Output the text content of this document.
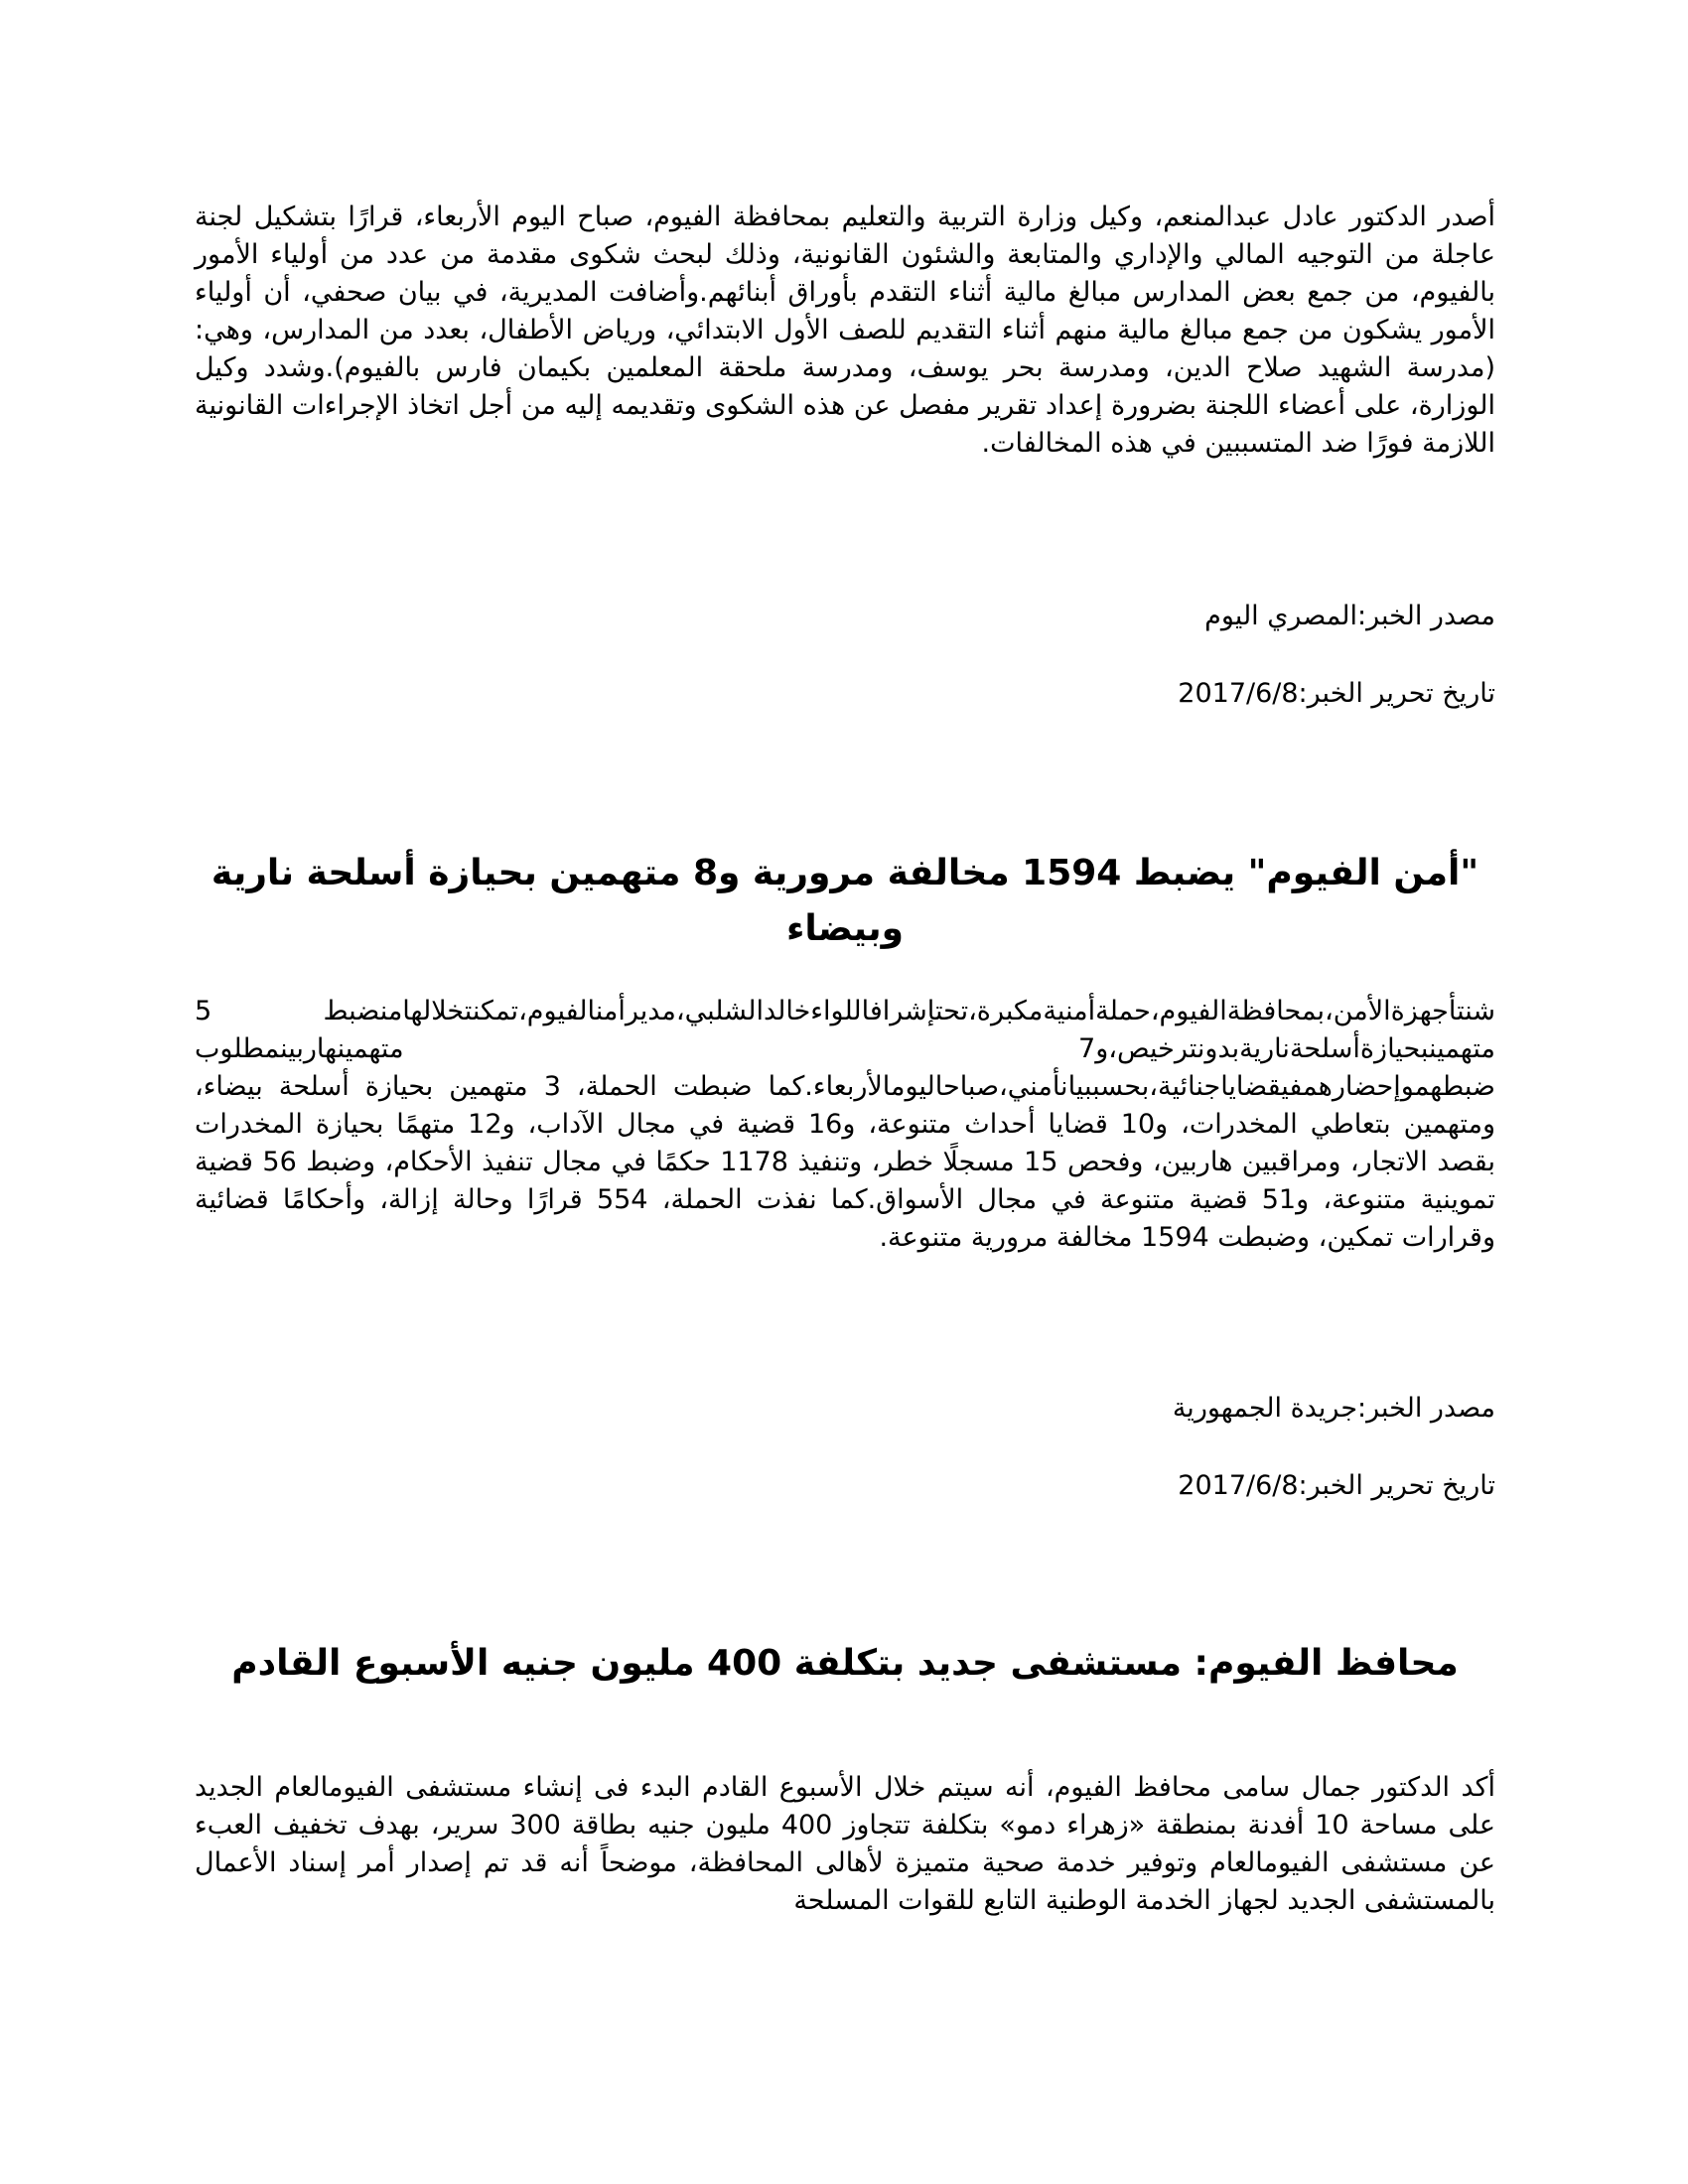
أصدر الدكتور عادل عبدالمنعم، وكيل وزارة التربية والتعليم بمحافظة الفيوم، صباح اليوم الأربعاء، قرارًا بتشكيل لجنة عاجلة من التوجيه المالي والإداري والمتابعة والشئون القانونية، وذلك لبحث شكوى مقدمة من عدد من أولياء الأمور بالفيوم، من جمع بعض المدارس مبالغ مالية أثناء التقدم بأوراق أبنائهم.وأضافت المديرية، في بيان صحفي، أن أولياء الأمور يشكون من جمع مبالغ مالية منهم أثناء التقديم للصف الأول الابتدائي، ورياض الأطفال، بعدد من المدارس، وهي: (مدرسة الشهيد صلاح الدين، ومدرسة بحر يوسف، ومدرسة ملحقة المعلمين بكيمان فارس بالفيوم).وشدد وكيل الوزارة، على أعضاء اللجنة بضرورة إعداد تقرير مفصل عن هذه الشكوى وتقديمه إليه من أجل اتخاذ الإجراءات القانونية اللازمة فورًا ضد المتسببين في هذه المخالفات.

مصدر الخبر:المصري اليوم

تاريخ تحرير الخبر:2017/6/8

"أمن الفيوم" يضبط 1594 مخالفة مرورية و8 متهمين بحيازة أسلحة نارية وبيضاء

شنتأجهزةالأمن،بمحافظةالفيوم،حملةأمنيةمكبرة،تحتإشرافاللواءخالدالشلبي،مديرأمنالفيوم،تمكنتخلالهامنضبط 5 متهمينبحيازةأسلحةناريةبدونترخيص،و7 متهمينهاربينمطلوب ضبطهموإحضارهمفيقضاياجنائية،بحسببيانأمني،صباحاليومالأربعاء.كما ضبطت الحملة، 3 متهمين بحيازة أسلحة بيضاء، ومتهمين بتعاطي المخدرات، و10 قضايا أحداث متنوعة، و16 قضية في مجال الآداب، و12 متهمًا بحيازة المخدرات بقصد الاتجار، ومراقبين هاربين، وفحص 15 مسجلًا خطر، وتنفيذ 1178 حكمًا في مجال تنفيذ الأحكام، وضبط 56 قضية تموينية متنوعة، و51 قضية متنوعة في مجال الأسواق.كما نفذت الحملة، 554 قرارًا وحالة إزالة، وأحكامًا قضائية وقرارات تمكين، وضبطت 1594 مخالفة مرورية متنوعة.

مصدر الخبر:جريدة الجمهورية

تاريخ تحرير الخبر:2017/6/8

محافظ الفيوم: مستشفى جديد بتكلفة 400 مليون جنيه الأسبوع القادم

أكد الدكتور جمال سامى محافظ الفيوم، أنه سيتم خلال الأسبوع القادم البدء فى إنشاء مستشفى الفيومالعام الجديد على مساحة 10 أفدنة بمنطقة «زهراء دمو» بتكلفة تتجاوز 400 مليون جنيه بطاقة 300 سرير، بهدف تخفيف العبء عن مستشفى الفيومالعام وتوفير خدمة صحية متميزة لأهالى المحافظة، موضحاً أنه قد تم إصدار أمر إسناد الأعمال بالمستشفى الجديد لجهاز الخدمة الوطنية التابع للقوات المسلحة
